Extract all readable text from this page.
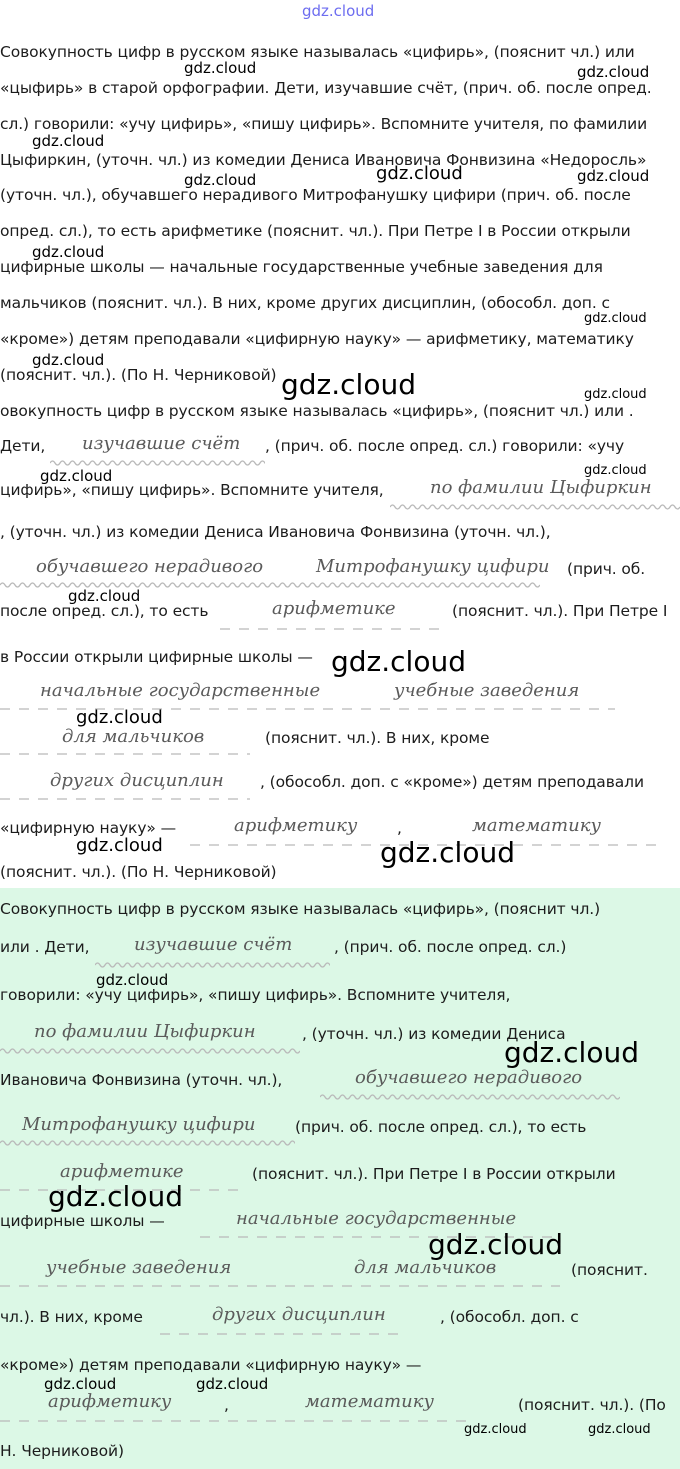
gdz.cloud
Совокупность цифр в русском языке называлась «цифирь», (пояснит чл.) или
«цыфирь» в старой орфографии. Дети, изучавшие счёт, (прич. об. после опред.
сл.) говорили: «учу цифирь», «пишу цифирь». Вспомните учителя, по фамилии
Цыфиркин, (уточн. чл.) из комедии Дениса Ивановича Фонвизина «Недоросль»
(уточн. чл.), обучавшего нерадивого Митрофанушку цифири (прич. об. после
опред. сл.), то есть арифметике (пояснит. чл.). При Петре I в России открыли
цифирные школы — начальные государственные учебные заведения для
мальчиков (пояснит. чл.). В них, кроме других дисциплин, (обособл. доп. с
«кроме») детям преподавали «цифирную науку» — арифметику, математику
(пояснит. чл.). (По Н. Черниковой)
овокупность цифр в русском языке называлась «цифирь», (пояснит чл.) или .
Дети, изучавшие счёт , (прич. об. после опред. сл.) говорили: «учу
цифирь», «пишу цифирь». Вспомните учителя,	по фамилии Цыфиркин
, (уточн. чл.) из комедии Дениса Ивановича Фонвизина (уточн. чл.),
обучавшего нерадивого	Митрофанушку цифири (прич. об.
после опред. сл.), то есть	арифметике	(пояснит. чл.). При Петре I
в России открыли цифирные школы —
начальные государственные	учебные заведения
для мальчиков	(пояснит. чл.). В них, кроме
других дисциплин , (обособл. доп. с «кроме») детям преподавали
«цифирную науку» —	арифметику	,	математику
(пояснит. чл.). (По Н. Черниковой)
Совокупность цифр в русском языке называлась «цифирь», (пояснит чл.)
или . Дети, изучавшие счёт	, (прич. об. после опред. сл.)
говорили: «учу цифирь», «пишу цифирь». Вспомните учителя,
по фамилии Цыфиркин	, (уточн. чл.) из комедии Дениса
Ивановича Фонвизина (уточн. чл.),	обучавшего нерадивого
Митрофанушку цифири	(прич. об. после опред. сл.), то есть
арифметике	(пояснит. чл.). При Петре I в России открыли
цифирные школы —	начальные государственные
учебные заведения	для мальчиков	(пояснит.
чл.). В них, кроме	других дисциплин	, (обособл. доп. с
«кроме») детям преподавали «цифирную науку» —
арифметику	,	математику	(пояснит. чл.). (По
Н. Черниковой)
gdz.cloud	gdz.cloud
gdz.cloud
gdz.cloud	gdz.cloud	gdz.cloud
gdz.cloud
gdz.cloud
gdz.cloud
gdz.cloud	gdz.cloud
gdz.cloud	gdz.cloud
gdz.cloud
gdz.cloud
gdz.cloud
gdz.cloud	gdz.cloud
gdz.cloud
gdz.cloud
gdz.cloud
gdz.cloud
gdz.cloud	gdz.cloud
gdz.cloud	gdz.cloud
